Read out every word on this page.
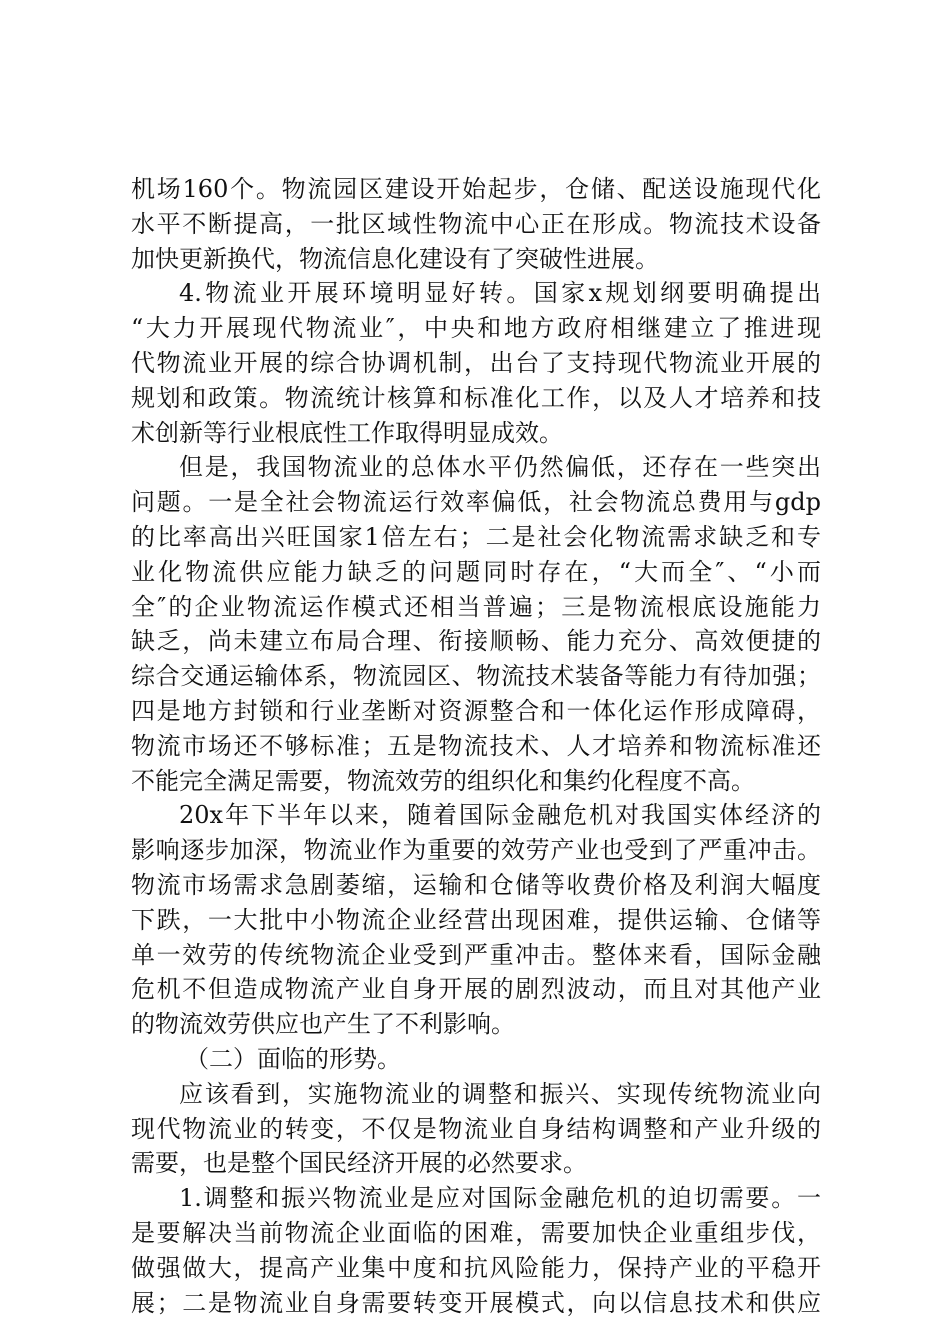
机场160个。物流园区建设开始起步，仓储、配送设施现代化
水平不断提高，一批区域性物流中心正在形成。物流技术设备
加快更新换代，物流信息化建设有了突破性进展。
4.物流业开展环境明显好转。国家x规划纲要明确提出
“大力开展现代物流业″，中央和地方政府相继建立了推进现
代物流业开展的综合协调机制，出台了支持现代物流业开展的
规划和政策。物流统计核算和标准化工作，以及人才培养和技
术创新等行业根底性工作取得明显成效。
但是，我国物流业的总体水平仍然偏低，还存在一些突出
问题。一是全社会物流运行效率偏低，社会物流总费用与gdp
的比率高出兴旺国家1倍左右；二是社会化物流需求缺乏和专
业化物流供应能力缺乏的问题同时存在，“大而全″、“小而
全″的企业物流运作模式还相当普遍；三是物流根底设施能力
缺乏，尚未建立布局合理、衔接顺畅、能力充分、高效便捷的
综合交通运输体系，物流园区、物流技术装备等能力有待加强；
四是地方封锁和行业垄断对资源整合和一体化运作形成障碍，
物流市场还不够标准；五是物流技术、人才培养和物流标准还
不能完全满足需要，物流效劳的组织化和集约化程度不高。
20x年下半年以来，随着国际金融危机对我国实体经济的
影响逐步加深，物流业作为重要的效劳产业也受到了严重冲击。
物流市场需求急剧萎缩，运输和仓储等收费价格及利润大幅度
下跌，一大批中小物流企业经营出现困难，提供运输、仓储等
单一效劳的传统物流企业受到严重冲击。整体来看，国际金融
危机不但造成物流产业自身开展的剧烈波动，而且对其他产业
的物流效劳供应也产生了不利影响。
（二）面临的形势。
应该看到，实施物流业的调整和振兴、实现传统物流业向
现代物流业的转变，不仅是物流业自身结构调整和产业升级的
需要，也是整个国民经济开展的必然要求。
1.调整和振兴物流业是应对国际金融危机的迫切需要。一
是要解决当前物流企业面临的困难，需要加快企业重组步伐，
做强做大，提高产业集中度和抗风险能力，保持产业的平稳开
展；二是物流业自身需要转变开展模式，向以信息技术和供应
